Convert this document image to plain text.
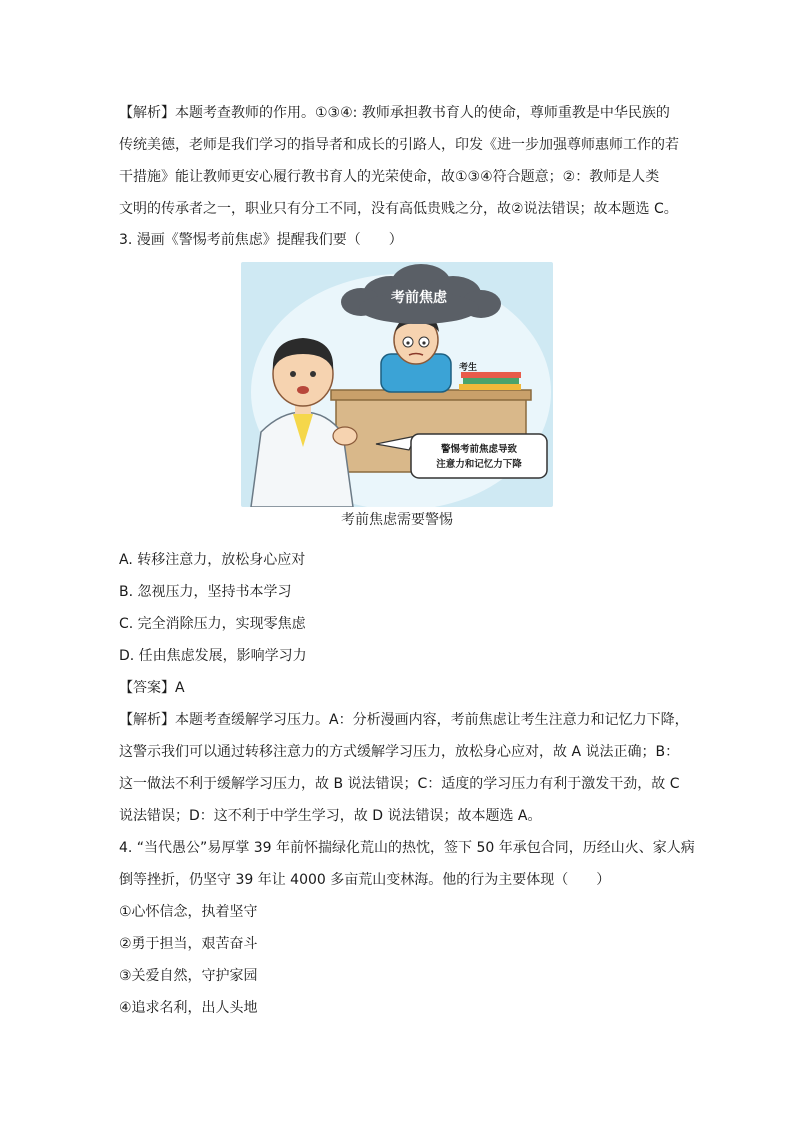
【解析】本题考查教师的作用。①③④: 教师承担教书育人的使命，尊师重教是中华民族的

传统美德，老师是我们学习的指导者和成长的引路人，印发《进一步加强尊师惠师工作的若

干措施》能让教师更安心履行教书育人的光荣使命，故①③④符合题意；②：教师是人类

文明的传承者之一，职业只有分工不同，没有高低贵贱之分，故②说法错误；故本题选 C。

3. 漫画《警惕考前焦虑》提醒我们要（　　）

考前焦虑
考生
警惕考前焦虑导致
注意力和记忆力下降
考前焦虑需要警惕

A. 转移注意力，放松身心应对

B. 忽视压力，坚持书本学习

C. 完全消除压力，实现零焦虑

D. 任由焦虑发展，影响学习力

【答案】A

【解析】本题考查缓解学习压力。A：分析漫画内容，考前焦虑让考生注意力和记忆力下降，

这警示我们可以通过转移注意力的方式缓解学习压力，放松身心应对，故 A 说法正确；B：

这一做法不利于缓解学习压力，故 B 说法错误；C：适度的学习压力有利于激发干劲，故 C

说法错误；D：这不利于中学生学习，故 D 说法错误；故本题选 A。

4. “当代愚公”易厚掌 39 年前怀揣绿化荒山的热忱，签下 50 年承包合同，历经山火、家人病

倒等挫折，仍坚守 39 年让 4000 多亩荒山变林海。他的行为主要体现（　　）

①心怀信念，执着坚守

②勇于担当，艰苦奋斗

③关爱自然，守护家园

④追求名利，出人头地
